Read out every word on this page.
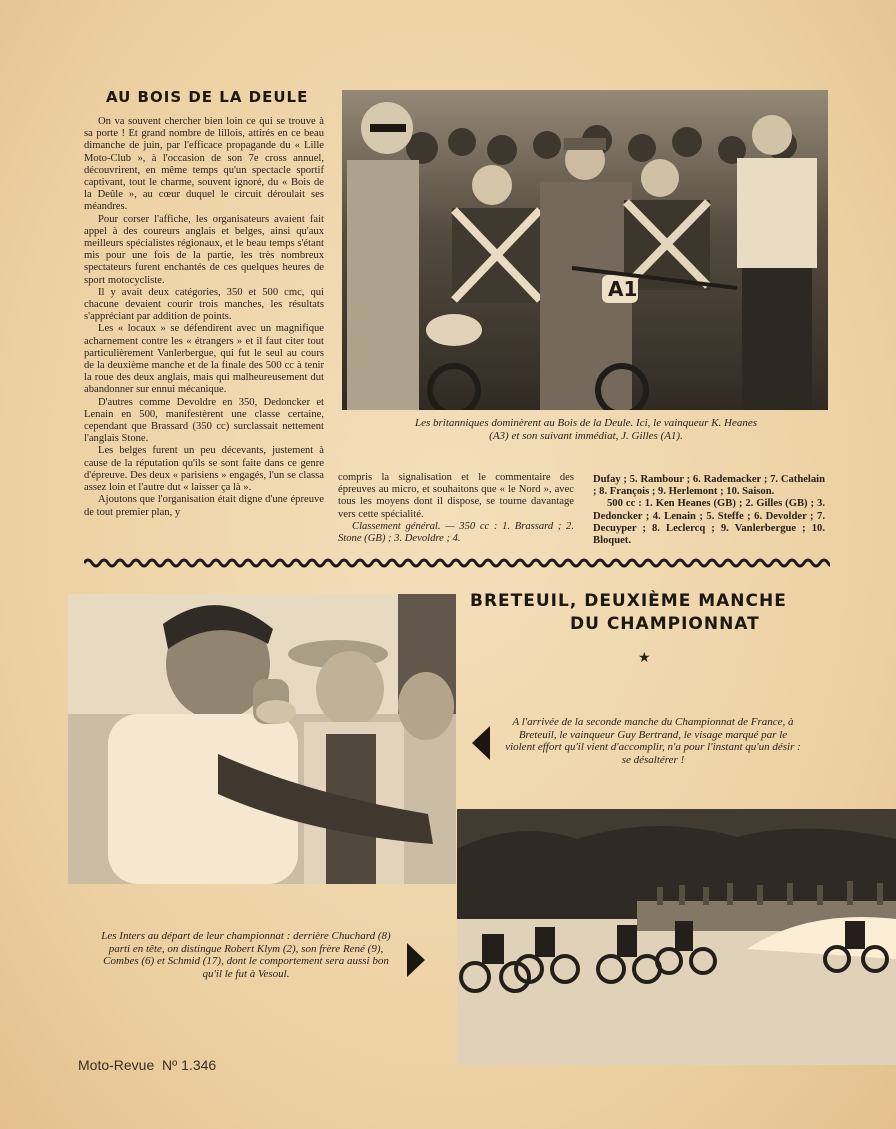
AU BOIS DE LA DEULE

On va souvent chercher bien loin ce qui se trouve à sa porte ! Et grand nombre de lillois, attirés en ce beau dimanche de juin, par l'efficace propagande du « Lille Moto-Club », à l'occasion de son 7e cross annuel, découvrirent, en même temps qu'un spectacle sportif captivant, tout le charme, souvent ignoré, du « Bois de la Deûle », au cœur duquel le circuit déroulait ses méandres.

Pour corser l'affiche, les organisateurs avaient fait appel à des coureurs anglais et belges, ainsi qu'aux meilleurs spécialistes régionaux, et le beau temps s'étant mis pour une fois de la partie, les très nombreux spectateurs furent enchantés de ces quelques heures de sport motocycliste.

Il y avait deux catégories, 350 et 500 cmc, qui chacune devaient courir trois manches, les résultats s'appréciant par addition de points.

Les « locaux » se défendirent avec un magnifique acharnement contre les « étrangers » et il faut citer tout particulièrement Vanlerbergue, qui fut le seul au cours de la deuxième manche et de la finale des 500 cc à tenir la roue des deux anglais, mais qui malheureusement dut abandonner sur ennui mécanique.

D'autres comme Devoldre en 350, Dedoncker et Lenain en 500, manifestèrent une classe certaine, cependant que Brassard (350 cc) surclassait nettement l'anglais Stone.

Les belges furent un peu décevants, justement à cause de la réputation qu'ils se sont faite dans ce genre d'épreuve. Des deux « parisiens » engagés, l'un se classa assez loin et l'autre dut « laisser ça là ».

Ajoutons que l'organisation était digne d'une épreuve de tout premier plan, y

A1
Les britanniques dominèrent au Bois de la Deule. Ici, le vainqueur K. Heanes (A3) et son suivant immédiat, J. Gilles (A1).

compris la signalisation et le commentaire des épreuves au micro, et souhaitons que « le Nord », avec tous les moyens dont il dispose, se tourne davantage vers cette spécialité.

Classement général. — 350 cc : 1. Brassard ; 2. Stone (GB) ; 3. Devoldre ; 4.

Dufay ; 5. Rambour ; 6. Rademacker ; 7. Cathelain ; 8. François ; 9. Herlemont ; 10. Saison.

500 cc : 1. Ken Heanes (GB) ; 2. Gilles (GB) ; 3. Dedoncker ; 4. Lenain ; 5. Steffe ; 6. Devolder ; 7. Decuyper ; 8. Leclercq ; 9. Vanlerbergue ; 10. Bloquet.

BRETEUIL, DEUXIÈME MANCHE
DU CHAMPIONNAT
★
A l'arrivée de la seconde manche du Championnat de France, à Breteuil, le vainqueur Guy Bertrand, le visage marqué par le violent effort qu'il vient d'accomplir, n'a pour l'instant qu'un désir : se désaltérer !
Les Inters au départ de leur championnat : derrière Chuchard (8) parti en tête, on distingue Robert Klym (2), son frère René (9), Combes (6) et Schmid (17), dont le comportement sera aussi bon qu'il le fut à Vesoul.
Moto-Revue  Nº 1.346
